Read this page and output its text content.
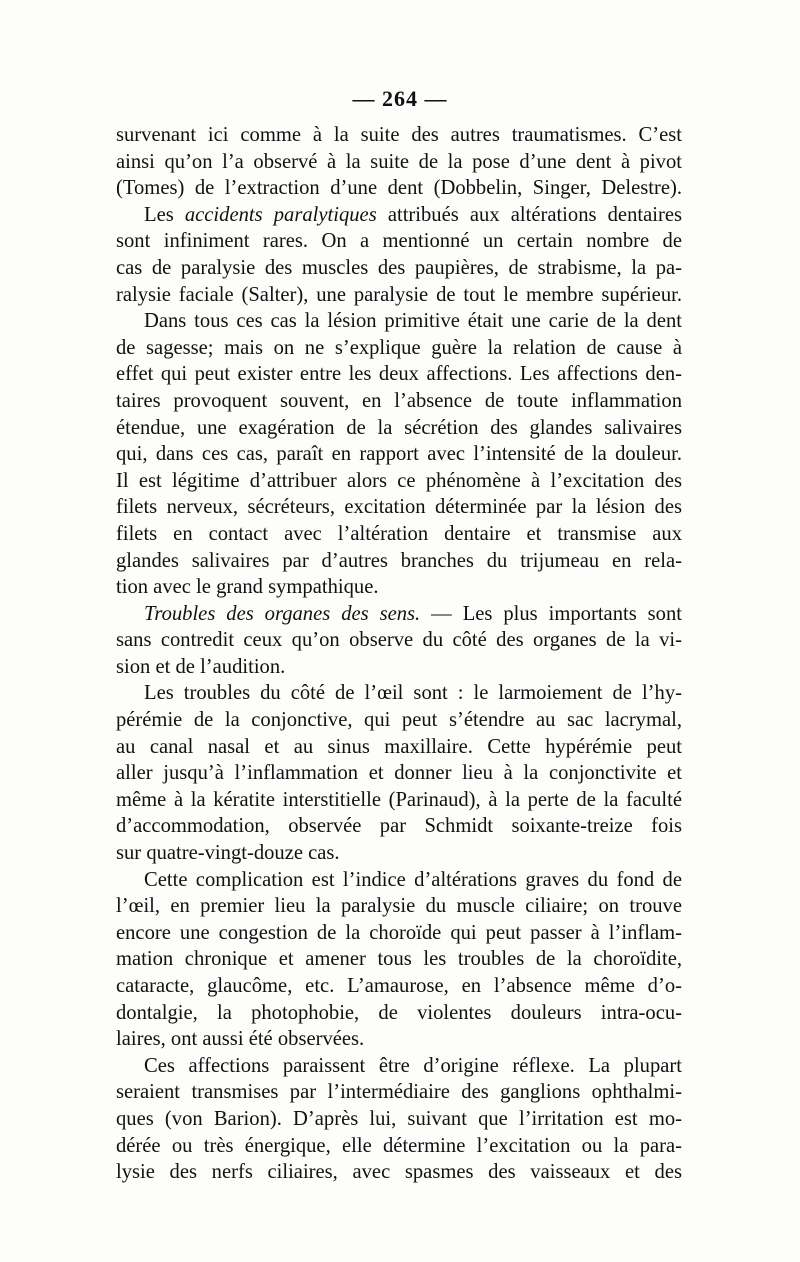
— 264 —
survenant ici comme à la suite des autres traumatismes. C’est
ainsi qu’on l’a observé à la suite de la pose d’une dent à pivot
(Tomes) de l’extraction d’une dent (Dobbelin, Singer, Delestre).
Les accidents paralytiques attribués aux altérations dentaires
sont infiniment rares. On a mentionné un certain nombre de
cas de paralysie des muscles des paupières, de strabisme, la pa-
ralysie faciale (Salter), une paralysie de tout le membre supérieur.
Dans tous ces cas la lésion primitive était une carie de la dent
de sagesse; mais on ne s’explique guère la relation de cause à
effet qui peut exister entre les deux affections. Les affections den-
taires provoquent souvent, en l’absence de toute inflammation
étendue, une exagération de la sécrétion des glandes salivaires
qui, dans ces cas, paraît en rapport avec l’intensité de la douleur.
Il est légitime d’attribuer alors ce phénomène à l’excitation des
filets nerveux, sécréteurs, excitation déterminée par la lésion des
filets en contact avec l’altération dentaire et transmise aux
glandes salivaires par d’autres branches du trijumeau en rela-
tion avec le grand sympathique.
Troubles des organes des sens. — Les plus importants sont
sans contredit ceux qu’on observe du côté des organes de la vi-
sion et de l’audition.
Les troubles du côté de l’œil sont : le larmoiement de l’hy-
pérémie de la conjonctive, qui peut s’étendre au sac lacrymal,
au canal nasal et au sinus maxillaire. Cette hypérémie peut
aller jusqu’à l’inflammation et donner lieu à la conjonctivite et
même à la kératite interstitielle (Parinaud), à la perte de la faculté
d’accommodation, observée par Schmidt soixante-treize fois
sur quatre-vingt-douze cas.
Cette complication est l’indice d’altérations graves du fond de
l’œil, en premier lieu la paralysie du muscle ciliaire; on trouve
encore une congestion de la choroïde qui peut passer à l’inflam-
mation chronique et amener tous les troubles de la choroïdite,
cataracte, glaucôme, etc. L’amaurose, en l’absence même d’o-
dontalgie, la photophobie, de violentes douleurs intra-ocu-
laires, ont aussi été observées.
Ces affections paraissent être d’origine réflexe. La plupart
seraient transmises par l’intermédiaire des ganglions ophthalmi-
ques (von Barion). D’après lui, suivant que l’irritation est mo-
dérée ou très énergique, elle détermine l’excitation ou la para-
lysie des nerfs ciliaires, avec spasmes des vaisseaux et des
